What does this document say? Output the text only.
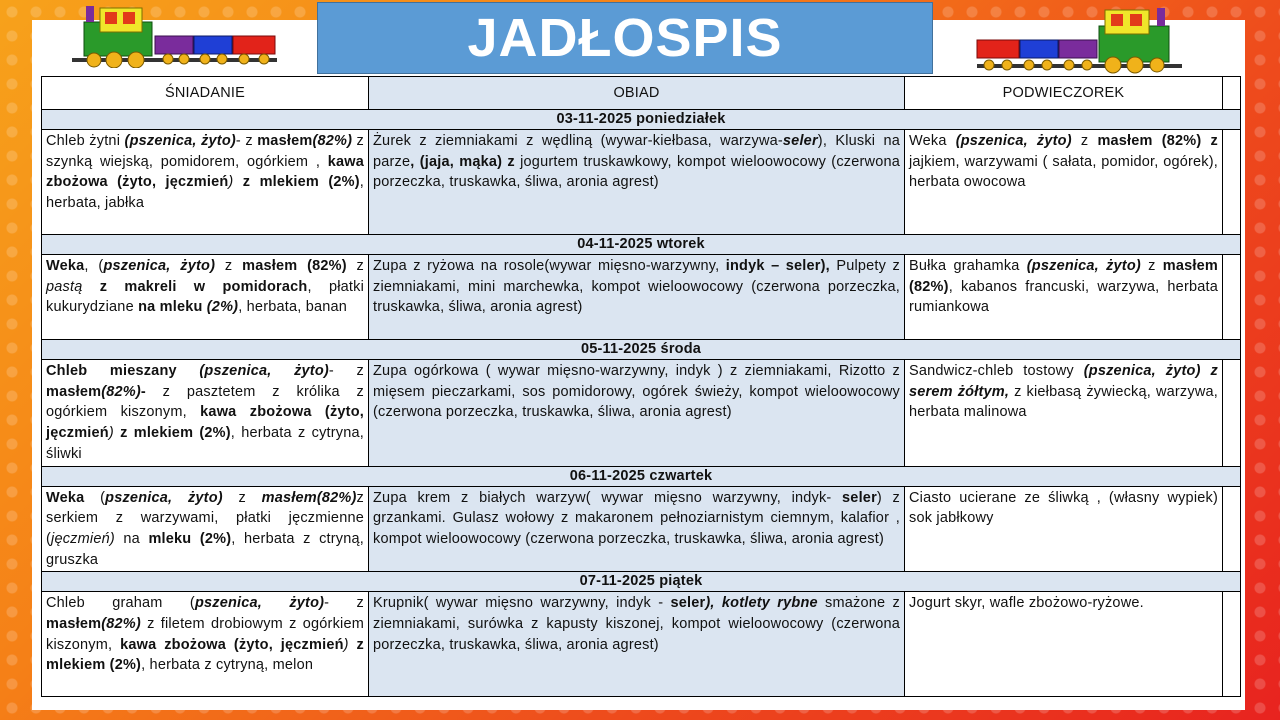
JADŁOSPIS
ŚNIADANIE	OBIAD	PODWIECZOREK	
03-11-2025 poniedziałek			
Chleb żytni (pszenica, żyto)- z masłem(82%) z szynką wiejską, pomidorem, ogórkiem , kawa zbożowa (żyto, jęczmień) z mlekiem (2%), herbata, jabłka	Żurek z ziemniakami z wędliną (wywar-kiełbasa, warzywa-seler), Kluski na parze, (jaja, mąka) z jogurtem truskawkowy, kompot wieloowocowy (czerwona porzeczka, truskawka, śliwa, aronia agrest)	Weka (pszenica, żyto) z masłem (82%) z jajkiem, warzywami ( sałata, pomidor, ogórek), herbata owocowa	
04-11-2025 wtorek			
Weka, (pszenica, żyto) z masłem (82%) z pastą z makreli w pomidorach, płatki kukurydziane na mleku (2%), herbata, banan	Zupa z ryżowa na rosole(wywar mięsno-warzywny, indyk – seler), Pulpety z ziemniakami, mini marchewka, kompot wieloowocowy (czerwona porzeczka, truskawka, śliwa, aronia agrest)	Bułka grahamka (pszenica, żyto) z masłem (82%), kabanos francuski, warzywa, herbata rumiankowa	
05-11-2025 środa			
Chleb mieszany (pszenica, żyto)- z masłem(82%)- z pasztetem z królika z ogórkiem kiszonym, kawa zbożowa (żyto, jęczmień) z mlekiem (2%), herbata z cytryna, śliwki	Zupa ogórkowa ( wywar mięsno-warzywny, indyk ) z ziemniakami, Rizotto z mięsem pieczarkami, sos pomidorowy, ogórek świeży, kompot wieloowocowy (czerwona porzeczka, truskawka, śliwa, aronia agrest)	Sandwicz-chleb tostowy (pszenica, żyto) z serem żółtym, z kiełbasą żywiecką, warzywa, herbata malinowa	
06-11-2025 czwartek			
Weka (pszenica, żyto) z masłem(82%)z serkiem z warzywami, płatki jęczmienne (jęczmień) na mleku (2%), herbata z ctryną, gruszka	Zupa krem z białych warzyw( wywar mięsno warzywny, indyk- seler) z grzankami. Gulasz wołowy z makaronem pełnoziarnistym ciemnym, kalafior , kompot wieloowocowy (czerwona porzeczka, truskawka, śliwa, aronia agrest)	Ciasto ucierane ze śliwką , (własny wypiek) sok jabłkowy	
07-11-2025 piątek			
Chleb graham (pszenica, żyto)- z masłem(82%) z filetem drobiowym z ogórkiem kiszonym, kawa zbożowa (żyto, jęczmień) z mlekiem (2%), herbata z cytryną, melon	Krupnik( wywar mięsno warzywny, indyk - seler), kotlety rybne smażone z ziemniakami, surówka z kapusty kiszonej, kompot wieloowocowy (czerwona porzeczka, truskawka, śliwa, aronia agrest)	Jogurt skyr, wafle zbożowo-ryżowe.	
